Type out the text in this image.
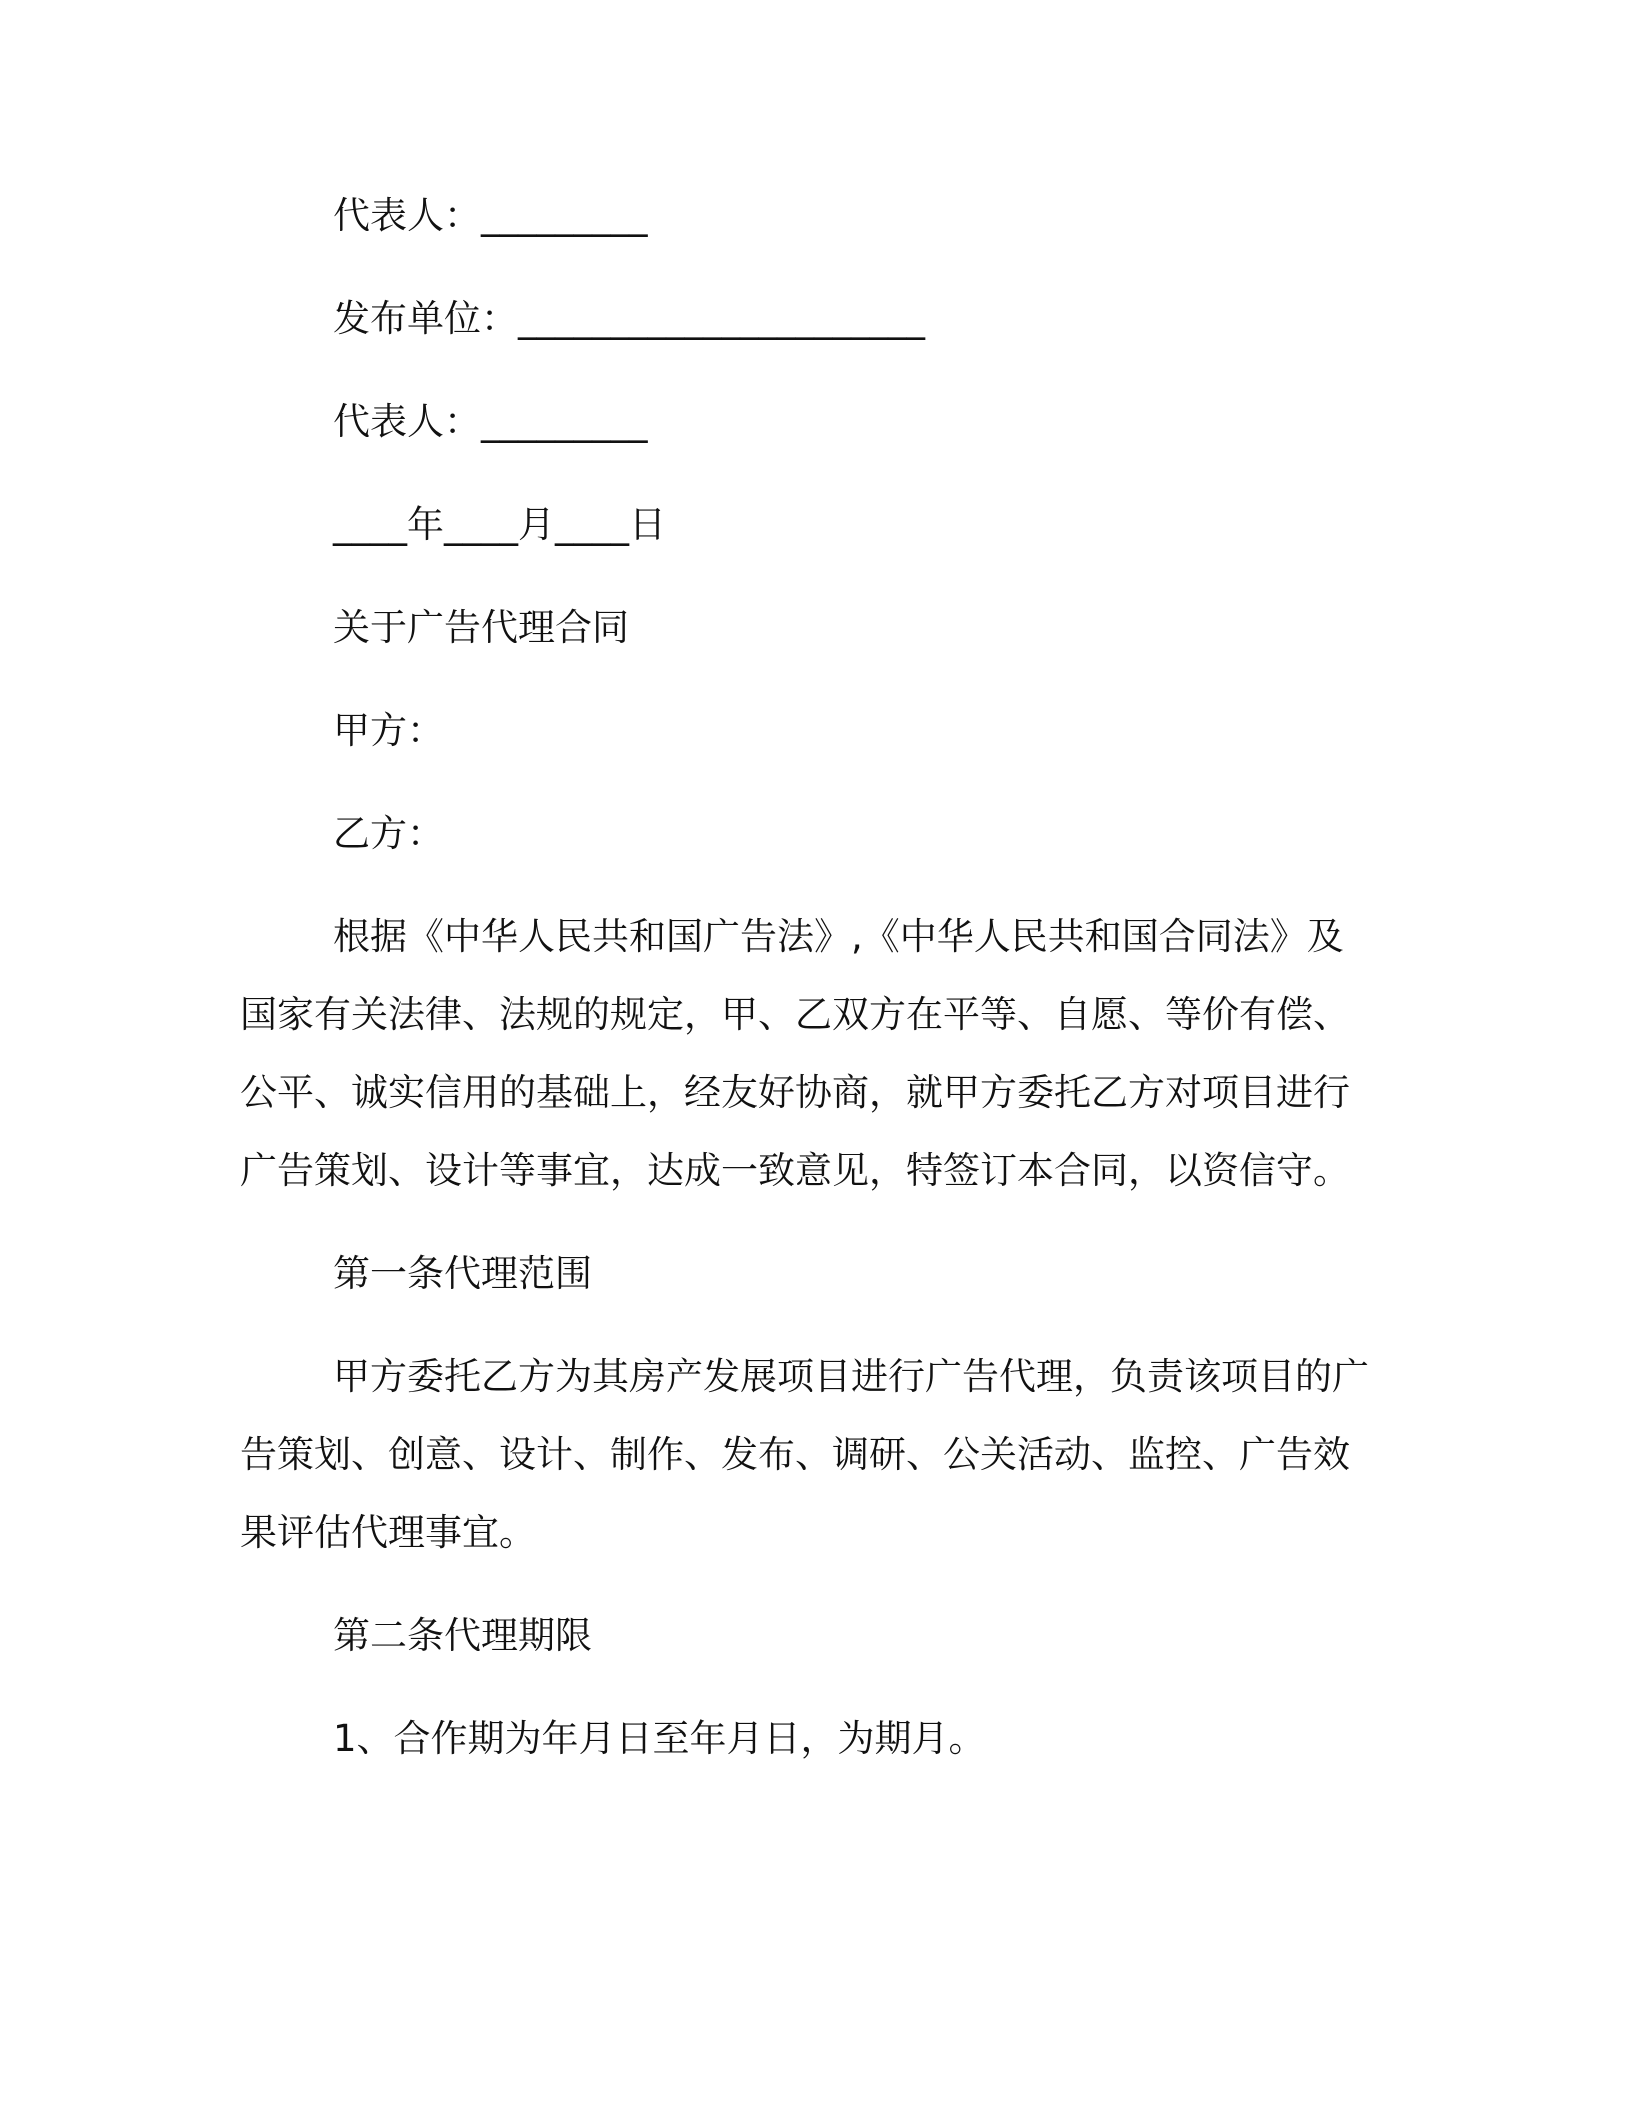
代表人：_________
发布单位：______________________
代表人：_________
____年____月____日
关于广告代理合同
甲方：
乙方：
根据《中华人民共和国广告法》,《中华人民共和国合同法》及
国家有关法律、法规的规定，甲、乙双方在平等、自愿、等价有偿、
公平、诚实信用的基础上，经友好协商，就甲方委托乙方对项目进行
广告策划、设计等事宜，达成一致意见，特签订本合同，以资信守。
第一条代理范围
甲方委托乙方为其房产发展项目进行广告代理，负责该项目的广
告策划、创意、设计、制作、发布、调研、公关活动、监控、广告效
果评估代理事宜。
第二条代理期限
1、合作期为年月日至年月日，为期月。
